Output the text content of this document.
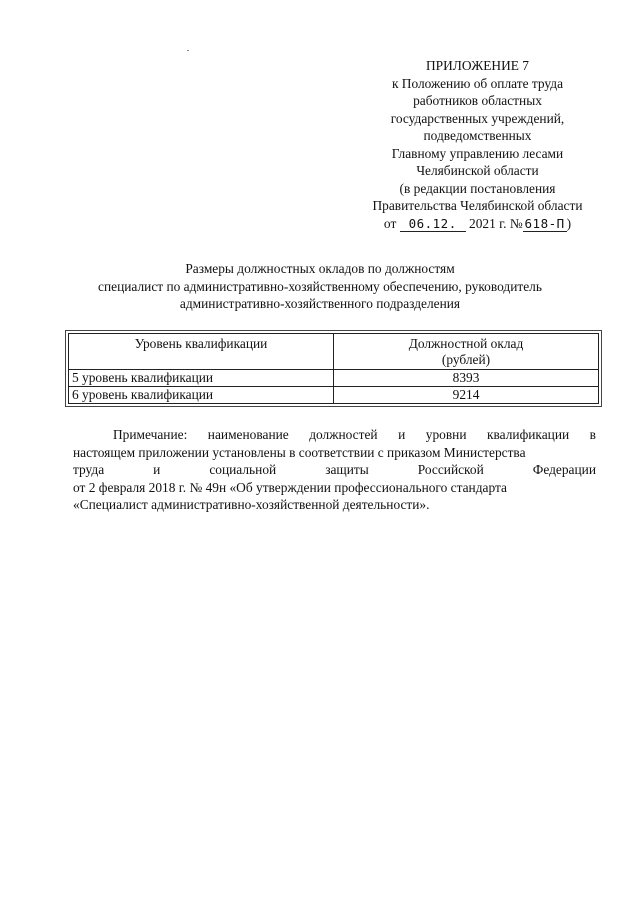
ПРИЛОЖЕНИЕ 7
к Положению об оплате труда
работников областных
государственных учреждений,
подведомственных
Главному управлению лесами
Челябинской области
(в редакции постановления
Правительства Челябинской области
от 06.12. 2021 г. № 618-П )
Размеры должностных окладов по должностям
специалист по административно-хозяйственному обеспечению, руководитель
административно-хозяйственного подразделения
Уровень квалификации	Должностной оклад
(рублей)
5 уровень квалификации	8393
6 уровень квалификации	9214
Примечание: наименование должностей и уровни квалификации в
настоящем приложении установлены в соответствии с приказом Министерства
труда	и	социальной	защиты	Российской	Федерации
от 2 февраля 2018 г. № 49н «Об утверждении профессионального стандарта
«Специалист административно-хозяйственной деятельности».
